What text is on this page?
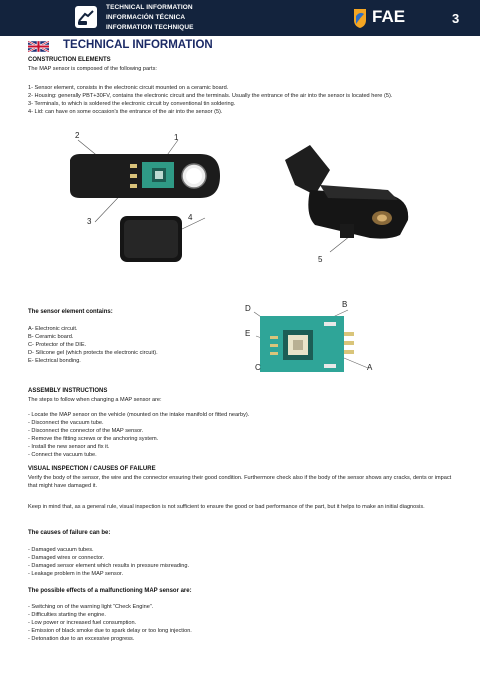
TECHNICAL INFORMATION
INFORMACIÓN TÉCNICA
INFORMATION TECHNIQUE
FAE	3
TECHNICAL INFORMATION
CONSTRUCTION ELEMENTS
The MAP sensor is composed of the following parts:
1- Sensor element, consists in the electronic circuit mounted on a ceramic board.
2- Housing: generally PBT+30FV, contains the electronic circuit and the terminals. Usually the entrance of the air into the sensor is located here (5).
3- Terminals, to which is soldered the electronic circuit by conventional tin soldering.
4- Lid: can have on some occasion's the entrance of the air into the sensor (5).
2	1
3	4
5
The sensor element contains:
A- Electronic circuit.
B- Ceramic board.
C- Protector of the DIE.
D- Silicone gel (which protects the electronic circuit).
E- Electrical bonding.
D	B
E
C	A
ASSEMBLY INSTRUCTIONS
The steps to follow when changing a MAP sensor are:
- Locate the MAP sensor on the vehicle (mounted on the intake manifold or fitted nearby).
- Disconnect the vacuum tube.
- Disconnect the connector of the MAP sensor.
- Remove the fitting screws or the anchoring system.
- Install the new sensor and fix it.
- Connect the vacuum tube.
VISUAL INSPECTION / CAUSES OF FAILURE
Verify the body of the sensor, the wire and the connector ensuring their good condition. Furthermore check also if the body of the sensor shows any cracks, dents or impact that might have damaged it.
Keep in mind that, as a general rule, visual inspection is not sufficient to ensure the good or bad performance of the part, but it helps to make an initial diagnosis.
The causes of failure can be:
- Damaged vacuum tubes.
- Damaged wires or connector.
- Damaged sensor element which results in pressure misreading.
- Leakage problem in the MAP sensor.
The possible effects of a malfunctioning MAP sensor are:
- Switching on of the warning light “Check Engine”.
- Difficulties starting the engine.
- Low power or increased fuel consumption.
- Emission of black smoke due to spark delay or too long injection.
- Detonation due to an excessive progress.
